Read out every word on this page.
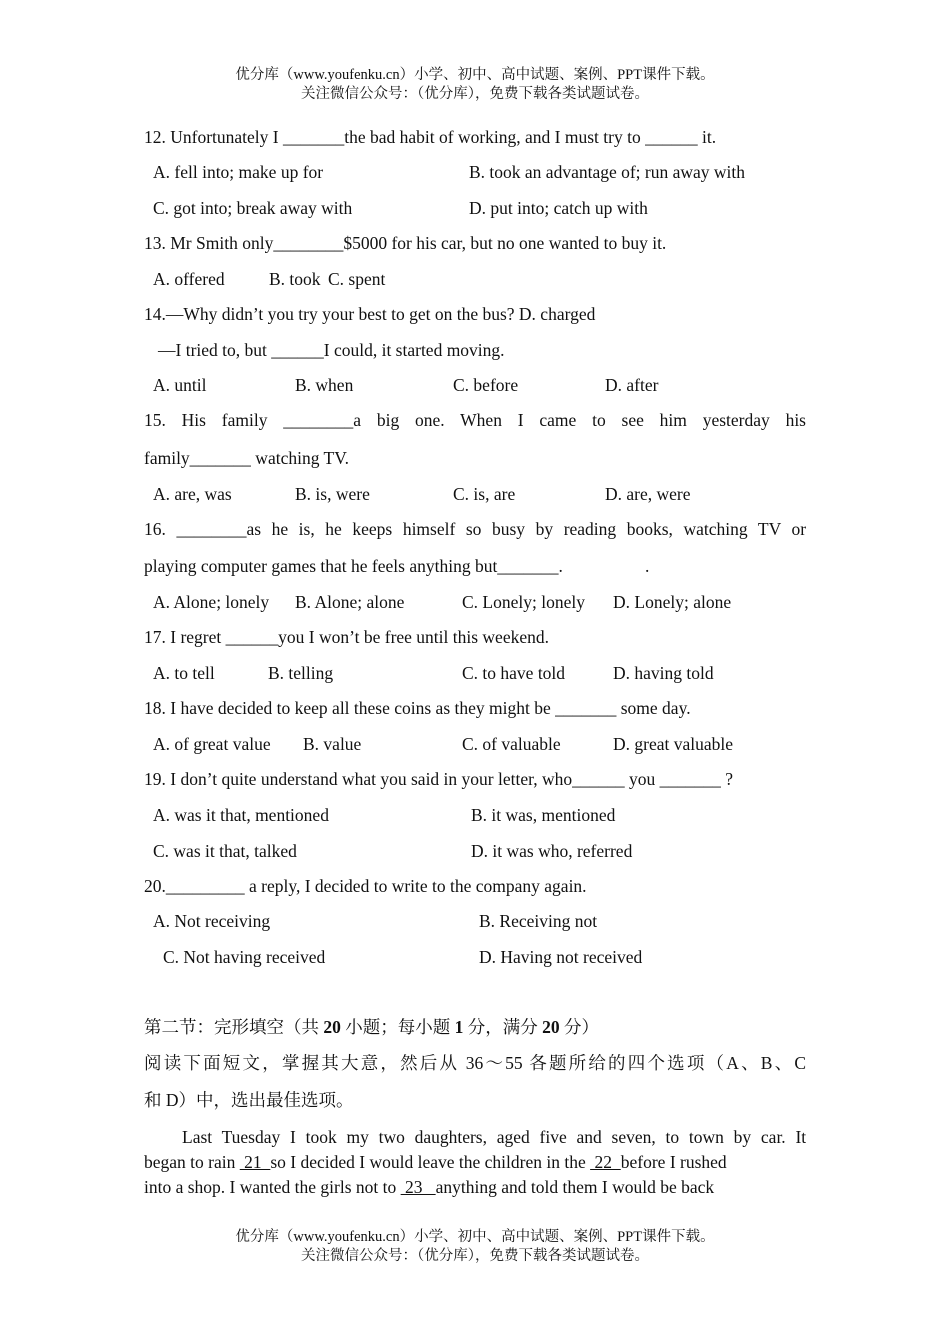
优分库（www.youfenku.cn）小学、初中、高中试题、案例、PPT课件下载。
关注微信公众号：（优分库），免费下载各类试题试卷。
12. Unfortunately I _______the bad habit of working, and I must try to ______ it.
A. fell into; make up for	B. took an advantage of; run away with
C. got into; break away with	D. put into; catch up with
13. Mr Smith only________$5000 for his car, but no one wanted to buy it.
A. offered	B. took C. spent
14.—Why didn’t you try your best to get on the bus? D. charged
—I tried to, but ______I could, it started moving.
A. until	B. when	C. before	D. after
15. His family ________a big one. When I came to see him yesterday his
family_______ watching TV.
A. are, was	B. is, were	C. is, are	D. are, were
16. ________as he is, he keeps himself so busy by reading books, watching TV or
playing computer games that he feels anything but_______.	.
A. Alone; lonely B. Alone; alone	C. Lonely; lonely D. Lonely; alone
17. I regret ______you I won’t be free until this weekend.
A. to tell	B. telling	C. to have told	D. having told
18. I have decided to keep all these coins as they might be _______ some day.
A. of great value B. value	C. of valuable	D. great valuable
19. I don’t quite understand what you said in your letter, who______ you _______ ?
A. was it that, mentioned	B. it was, mentioned
C. was it that, talked	D. it was who, referred
20._________ a reply, I decided to write to the company again.
A. Not receiving	B. Receiving not
C. Not having received	D. Having not received
第二节：完形填空（共 20 小题；每小题 1 分，满分 20 分）
阅读下面短文，掌握其大意，然后从 36～55 各题所给的四个选项（A、B、C
和 D）中，选出最佳选项。
Last Tuesday I took my two daughters, aged five and seven, to town by car. It
began to rain  21  so I decided I would leave the children in the  22  before I rushed
into a shop. I wanted the girls not to  23   anything and told them I would be back
优分库（www.youfenku.cn）小学、初中、高中试题、案例、PPT课件下载。
关注微信公众号：（优分库），免费下载各类试题试卷。
